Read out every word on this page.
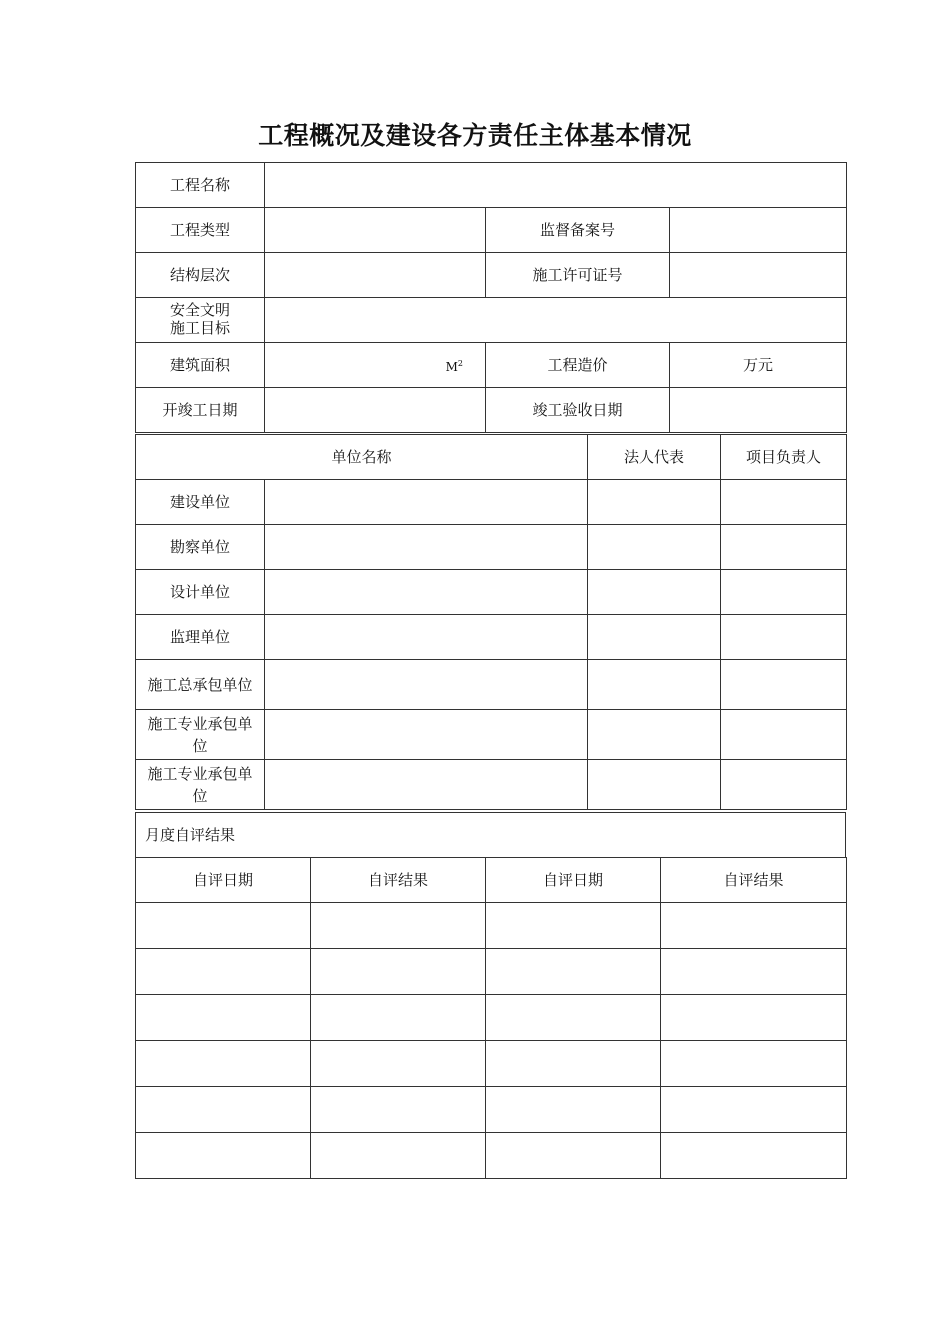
工程概况及建设各方责任主体基本情况
工程名称			
工程类型		监督备案号	
结构层次		施工许可证号	
安全文明施工目标			
建筑面积	$M^2$	工程造价	万元
开竣工日期		竣工验收日期	
单位名称		法人代表	项目负责人
建设单位			
勘察单位			
设计单位			
监理单位			
施工总承包单位			
施工专业承包单位			
施工专业承包单位			
月度自评结果
自评日期	自评结果	自评日期	自评结果
